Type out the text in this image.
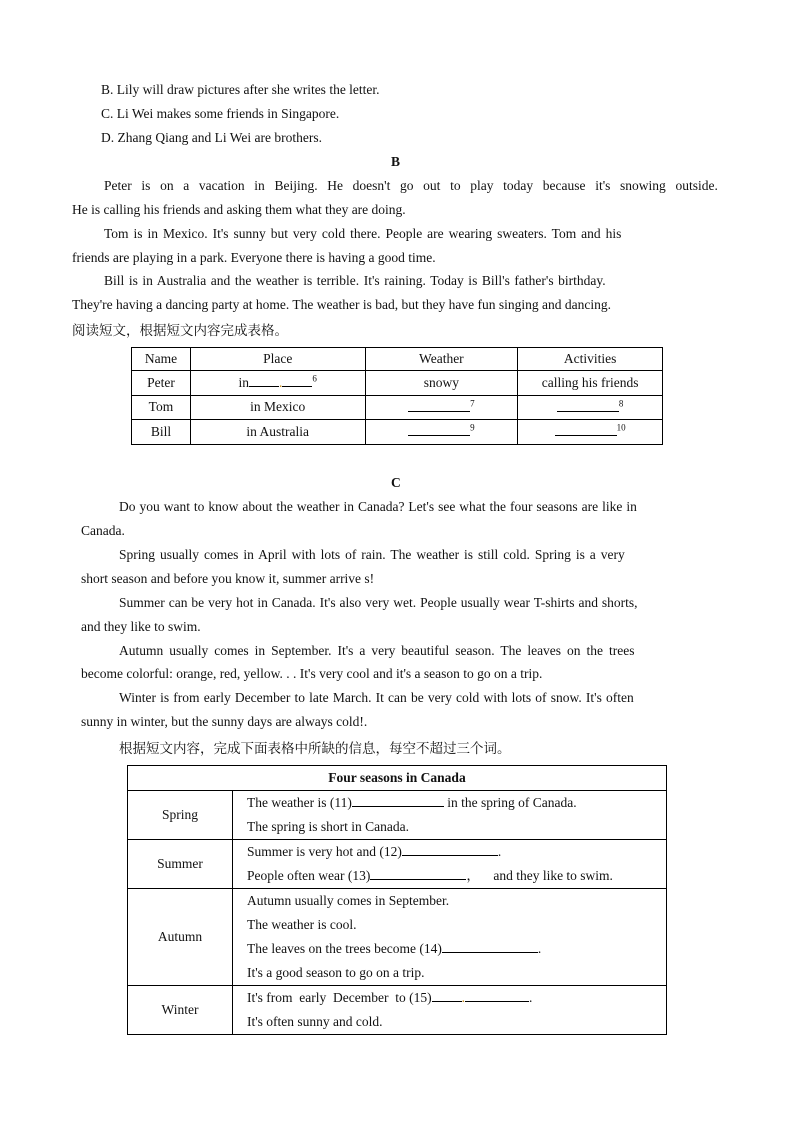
B. Lily will draw pictures after she writes the letter.
C. Li Wei makes some friends in Singapore.
D. Zhang Qiang and Li Wei are brothers.
B
Peter is on a vacation in Beijing. He doesn't go out to play today because it's snowing outside.
He is calling his friends and asking them what they are doing.
Tom is in Mexico. It's sunny but very cold there. People are wearing sweaters. Tom and his
friends are playing in a park. Everyone there is having a good time.
Bill is in Australia and the weather is terrible. It's raining. Today is Bill's father's birthday.
They're having a dancing party at home. The weather is bad, but they have fun singing and dancing.
阅读短文，根据短文内容完成表格。
Name	Place	Weather	Activities
Peter	in . $^6$	snowy	calling his friends
Tom	in Mexico	$^7$	$^8$
Bill	in Australia	$^9$	$^{10}$
C
Do you want to know about the weather in Canada? Let's see what the four seasons are like in
Canada.
Spring usually comes in April with lots of rain. The weather is still cold. Spring is a very
short season and before you know it, summer arrive s!
Summer can be very hot in Canada. It's also very wet. People usually wear T-shirts and shorts,
and they like to swim.
Autumn usually comes in September. It's a very beautiful season. The leaves on the trees
become colorful: orange, red, yellow. . . It's very cool and it's a season to go on a trip.
Winter is from early December to late March. It can be very cold with lots of snow. It's often
sunny in winter, but the sunny days are always cold!.
根据短文内容，完成下面表格中所缺的信息，每空不超过三个词。
Four seasons in Canada	
Spring	The weather is (11) in the spring of Canada.
The spring is short in Canada.

Summer	Summer is very hot and (12) .
People often wear (13) ，    and they like to swim.

Autumn	Autumn usually comes in September.
The weather is cool.
The leaves on the trees become (14) .
It's a good season to go on a trip.

Winter	It's from  early  December  to (15) . .
It's often sunny and cold.
